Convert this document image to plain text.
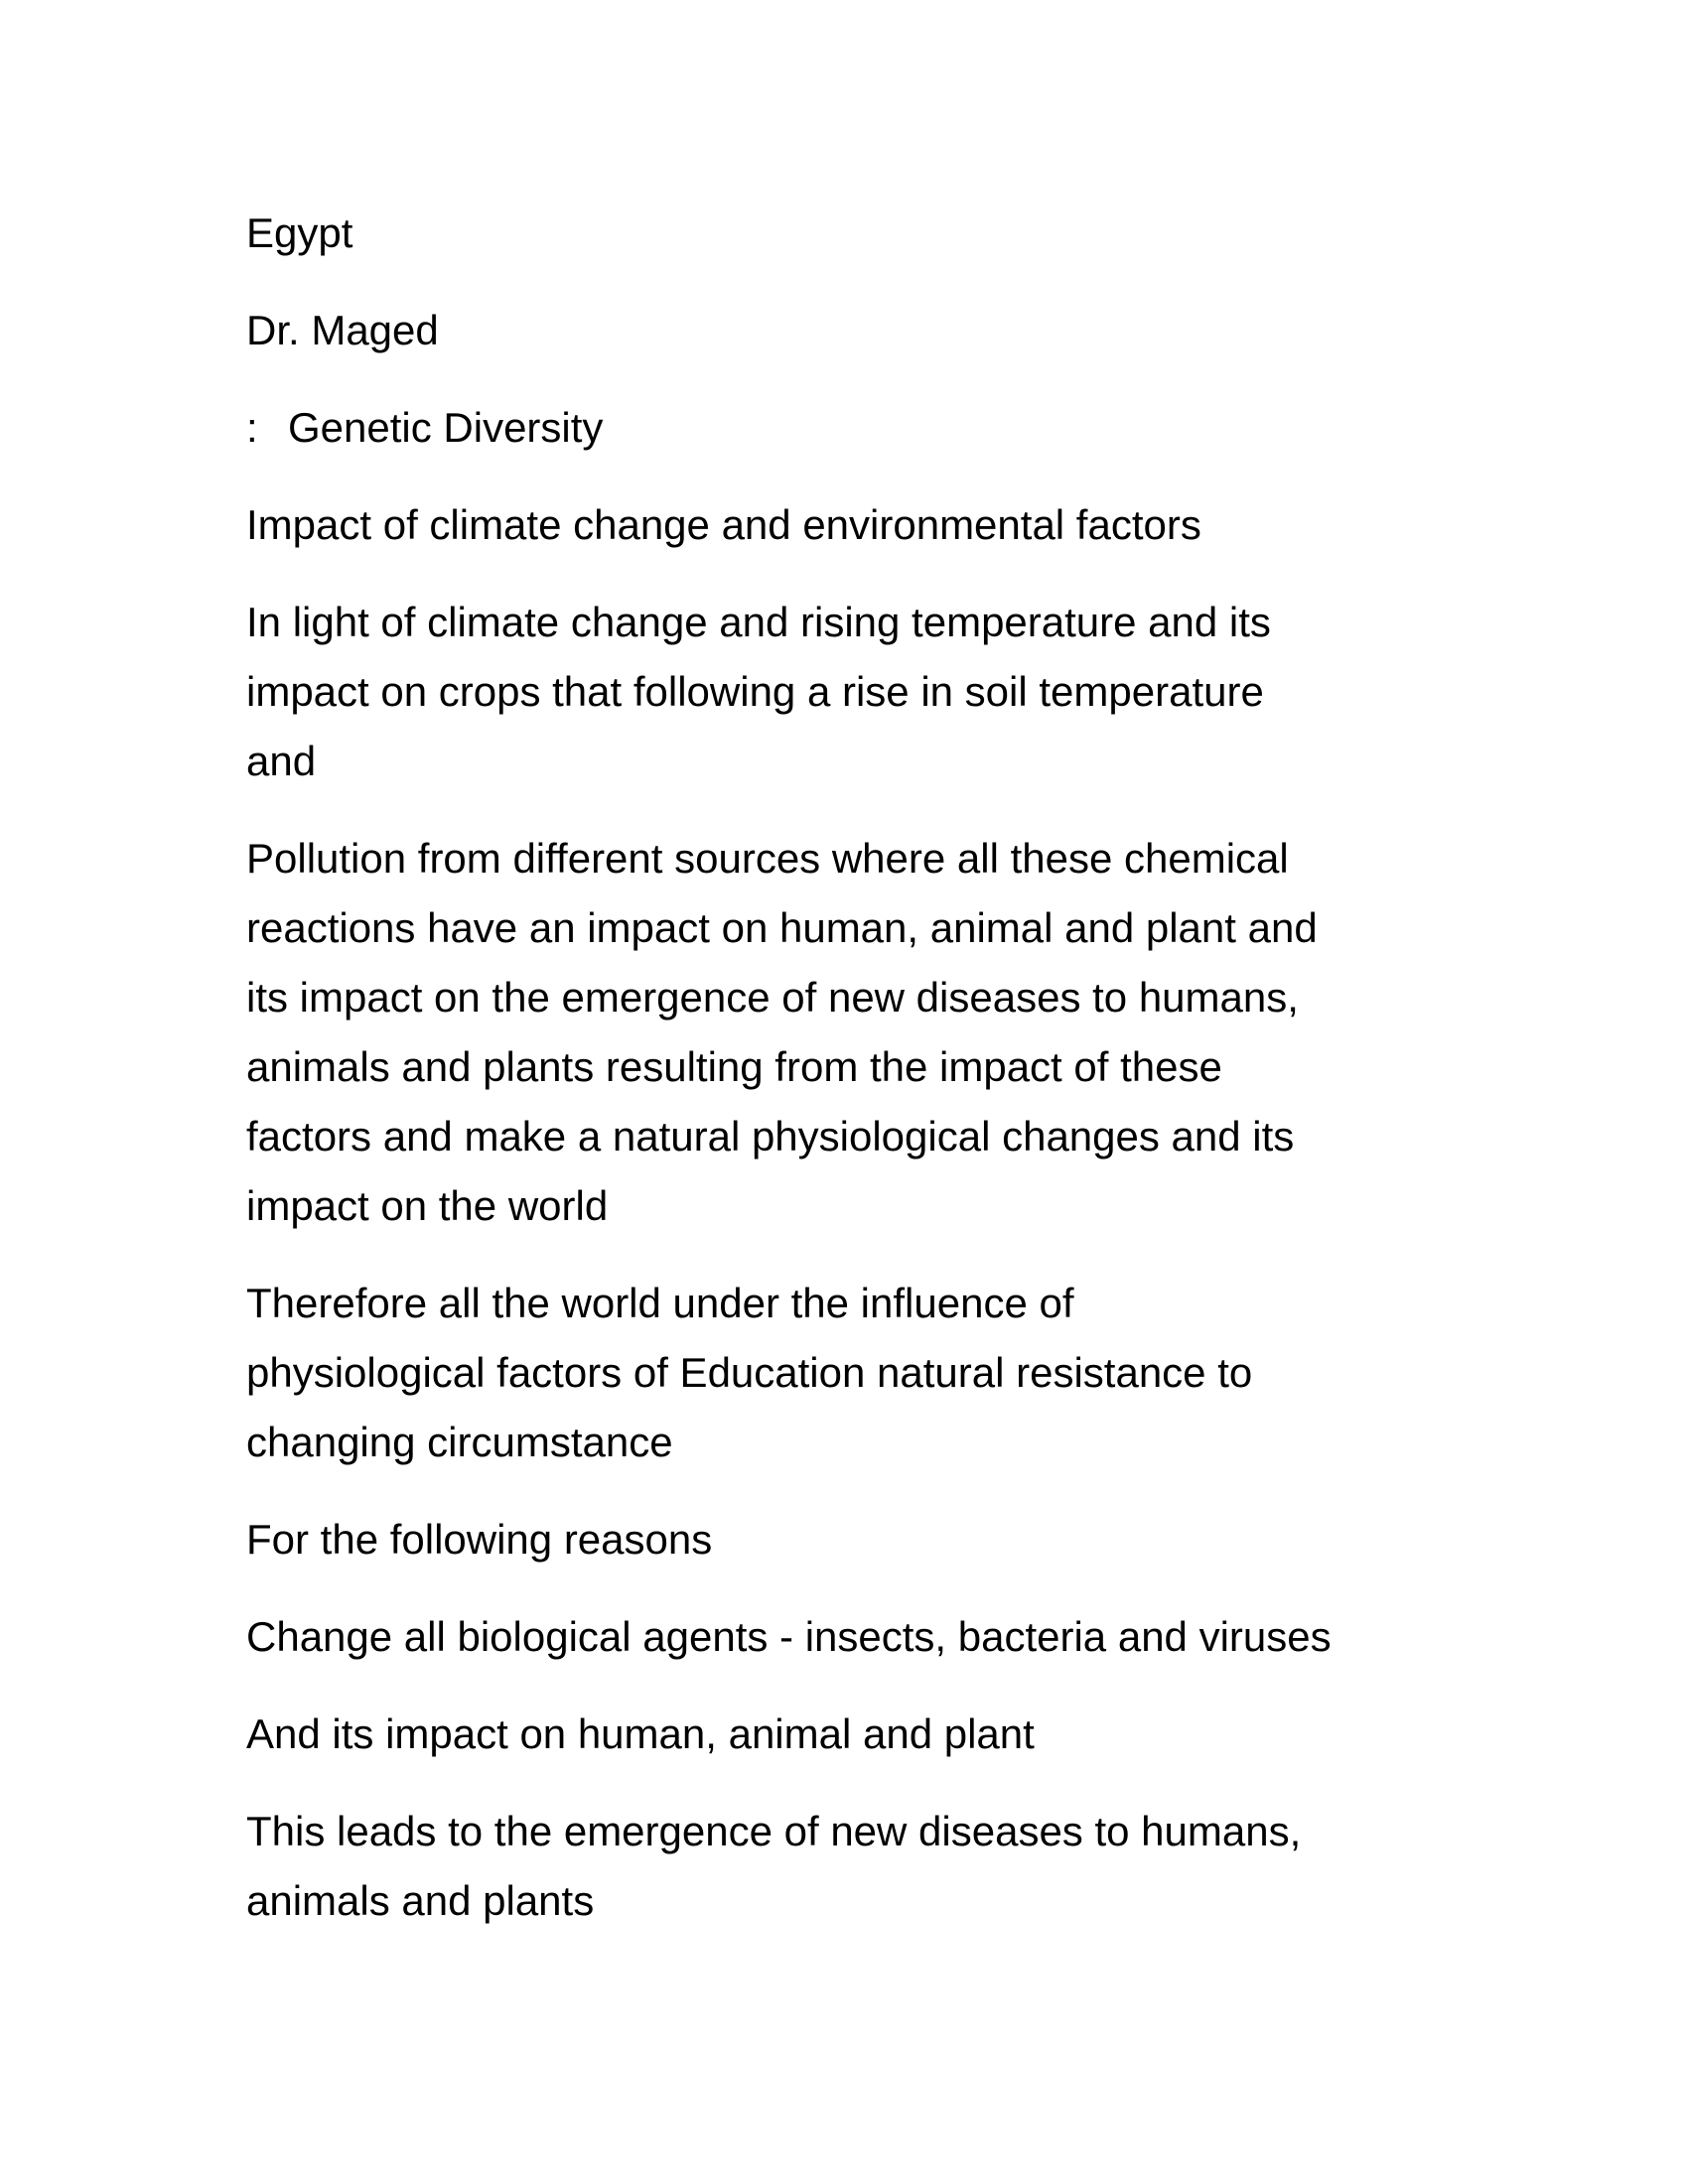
Egypt

Dr. Maged

: Genetic Diversity

Impact of climate change and environmental factors

In light of climate change and rising temperature and its
impact on crops that following a rise in soil temperature
and

Pollution from different sources where all these chemical
reactions have an impact on human, animal and plant and
its impact on the emergence of new diseases to humans,
animals and plants resulting from the impact of these
factors and make a natural physiological changes and its
impact on the world

Therefore all the world under the influence of
physiological factors of Education natural resistance to
changing circumstance

For the following reasons

Change all biological agents - insects, bacteria and viruses

And its impact on human, animal and plant

This leads to the emergence of new diseases to humans,
animals and plants
